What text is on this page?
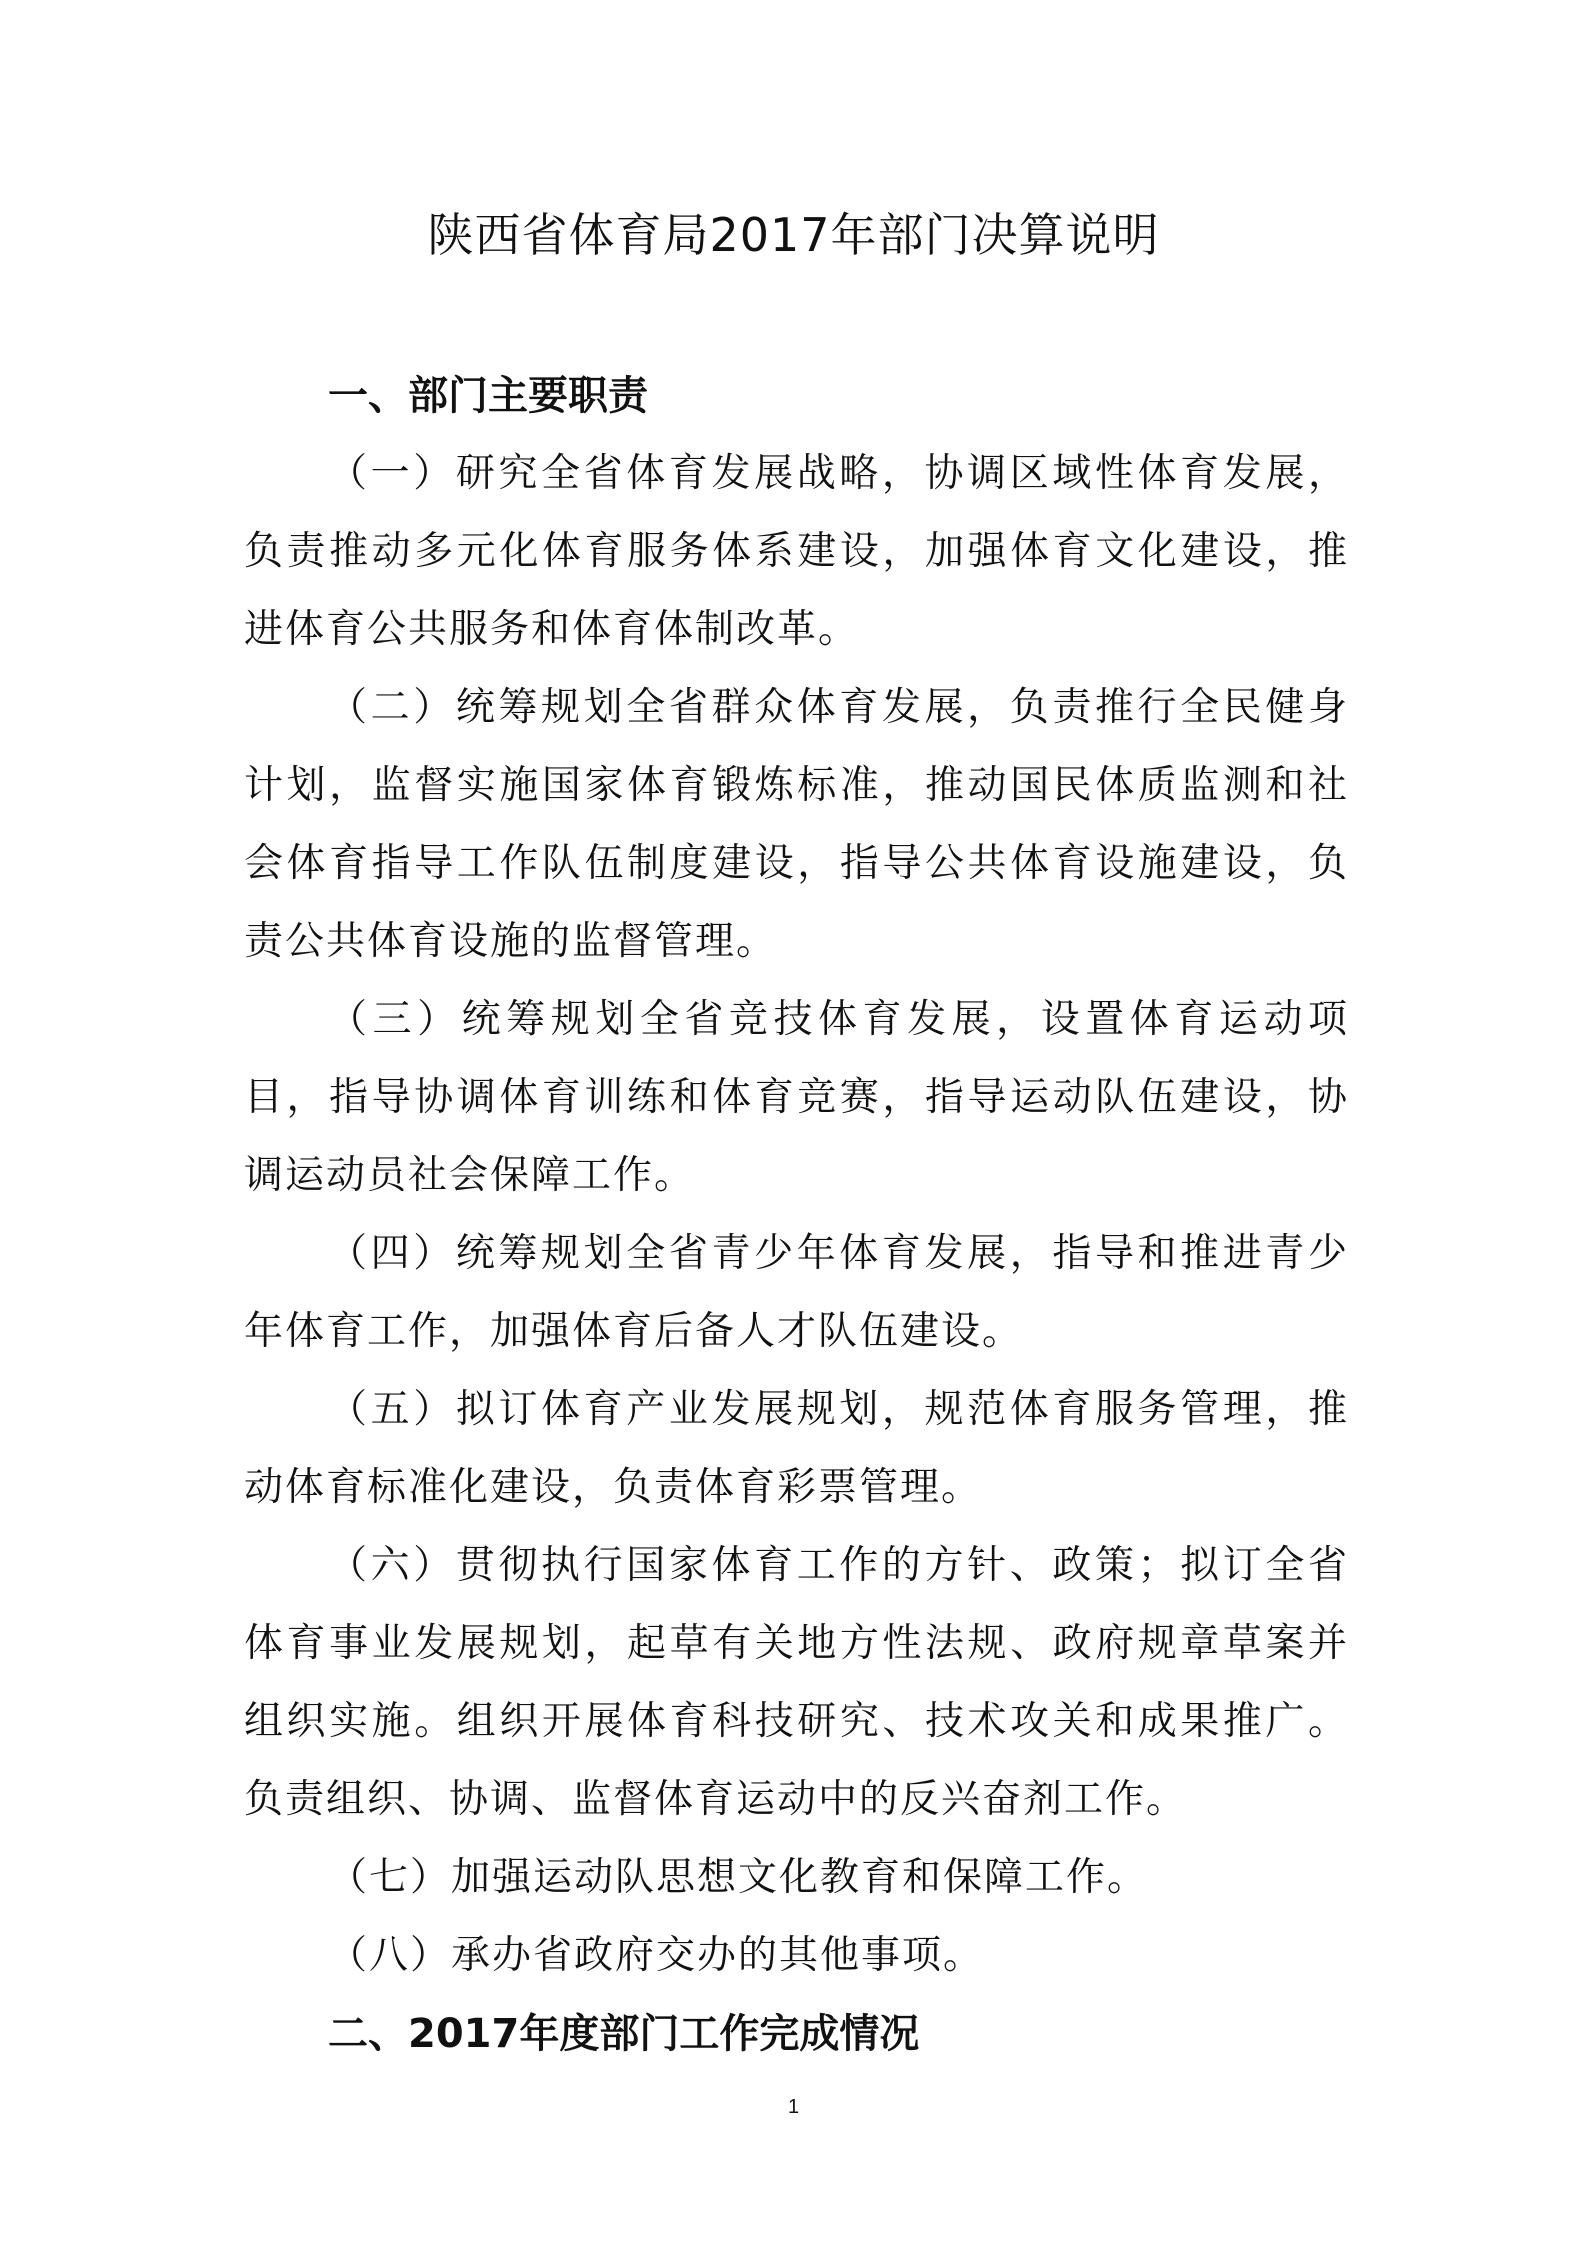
陕西省体育局2017年部门决算说明

一、部门主要职责

（一）研究全省体育发展战略，协调区域性体育发展，负责推动多元化体育服务体系建设，加强体育文化建设，推进体育公共服务和体育体制改革。

（二）统筹规划全省群众体育发展，负责推行全民健身计划，监督实施国家体育锻炼标准，推动国民体质监测和社会体育指导工作队伍制度建设，指导公共体育设施建设，负责公共体育设施的监督管理。

（三）统筹规划全省竞技体育发展，设置体育运动项目，指导协调体育训练和体育竞赛，指导运动队伍建设，协调运动员社会保障工作。

（四）统筹规划全省青少年体育发展，指导和推进青少年体育工作，加强体育后备人才队伍建设。

（五）拟订体育产业发展规划，规范体育服务管理，推动体育标准化建设，负责体育彩票管理。

（六）贯彻执行国家体育工作的方针、政策；拟订全省体育事业发展规划，起草有关地方性法规、政府规章草案并组织实施。组织开展体育科技研究、技术攻关和成果推广。负责组织、协调、监督体育运动中的反兴奋剂工作。

（七）加强运动队思想文化教育和保障工作。

（八）承办省政府交办的其他事项。

二、2017年度部门工作完成情况

1
